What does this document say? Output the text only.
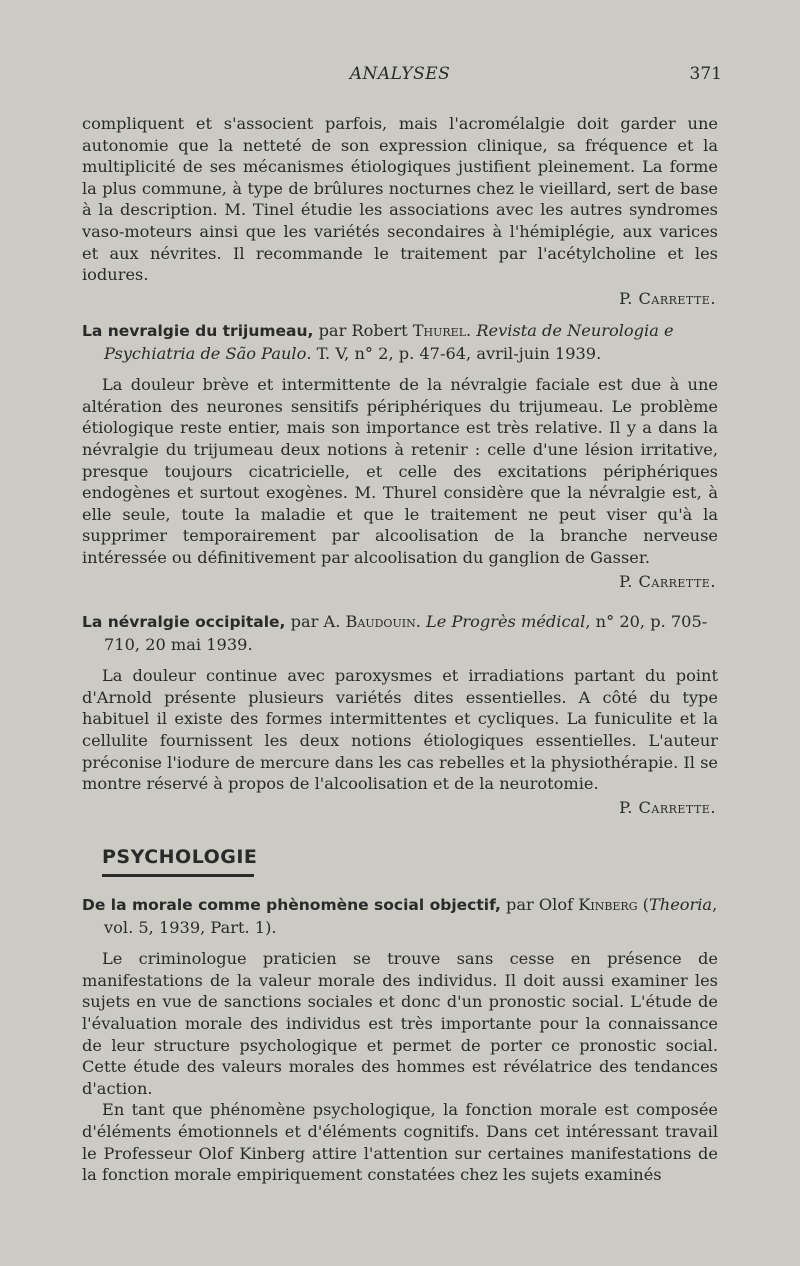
ANALYSES	371

compliquent et s'associent parfois, mais l'acromélalgie doit garder une autonomie que la netteté de son expression clinique, sa fréquence et la multiplicité de ses mécanismes étiologiques justifient pleinement. La forme la plus commune, à type de brûlures nocturnes chez le vieillard, sert de base à la description. M. Tinel étudie les associations avec les autres syndromes vaso-moteurs ainsi que les variétés secondaires à l'hémiplégie, aux varices et aux névrites. Il recommande le traitement par l'acétylcholine et les iodures.

P. Carrette.
La nevralgie du trijumeau, par Robert Thurel. Revista de Neurologia e Psychiatria de São Paulo. T. V, n° 2, p. 47-64, avril-juin 1939.

La douleur brève et intermittente de la névralgie faciale est due à une altération des neurones sensitifs périphériques du trijumeau. Le problème étiologique reste entier, mais son importance est très relative. Il y a dans la névralgie du trijumeau deux notions à retenir : celle d'une lésion irritative, presque toujours cicatricielle, et celle des excitations périphériques endogènes et surtout exogènes. M. Thurel considère que la névralgie est, à elle seule, toute la maladie et que le traitement ne peut viser qu'à la supprimer temporairement par alcoolisation de la branche nerveuse intéressée ou définitivement par alcoolisation du ganglion de Gasser.

P. Carrette.
La névralgie occipitale, par A. Baudouin. Le Progrès médical, n° 20, p. 705-710, 20 mai 1939.

La douleur continue avec paroxysmes et irradiations partant du point d'Arnold présente plusieurs variétés dites essentielles. A côté du type habituel il existe des formes intermittentes et cycliques. La funiculite et la cellulite fournissent les deux notions étiologiques essentielles. L'auteur préconise l'iodure de mercure dans les cas rebelles et la physiothérapie. Il se montre réservé à propos de l'alcoolisation et de la neurotomie.

P. Carrette.
PSYCHOLOGIE
De la morale comme phènomène social objectif, par Olof Kinberg (Theoria, vol. 5, 1939, Part. 1).

Le criminologue praticien se trouve sans cesse en présence de manifestations de la valeur morale des individus. Il doit aussi examiner les sujets en vue de sanctions sociales et donc d'un pronostic social. L'étude de l'évaluation morale des individus est très importante pour la connaissance de leur structure psychologique et permet de porter ce pronostic social. Cette étude des valeurs morales des hommes est révélatrice des tendances d'action.

En tant que phénomène psychologique, la fonction morale est composée d'éléments émotionnels et d'éléments cognitifs. Dans cet intéressant travail le Professeur Olof Kinberg attire l'attention sur certaines manifestations de la fonction morale empiriquement constatées chez les sujets examinés
